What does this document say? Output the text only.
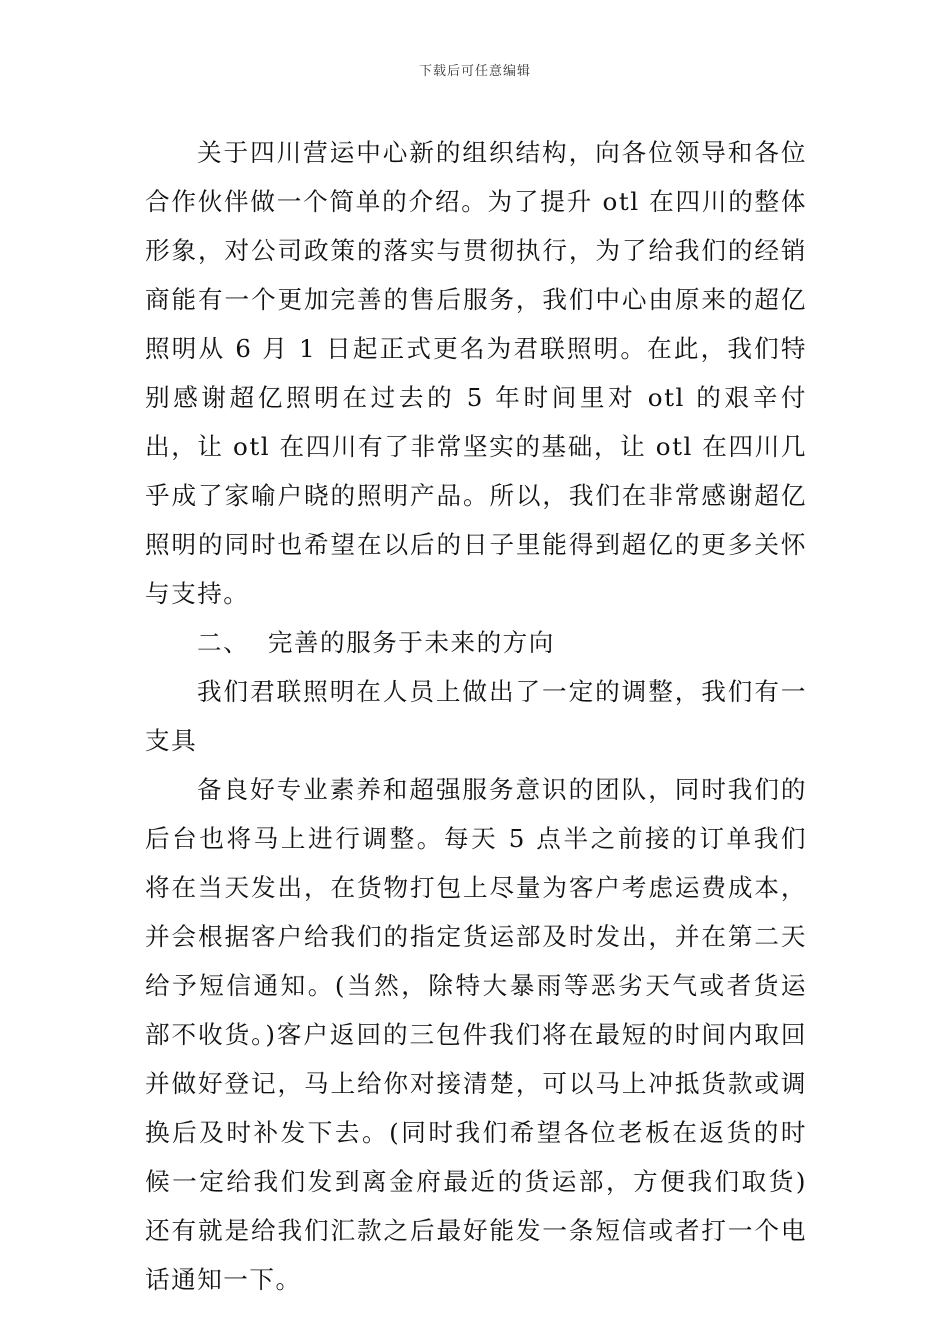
下载后可任意编辑

关于四川营运中心新的组织结构，向各位领导和各位合作伙伴做一个简单的介绍。为了提升 otl 在四川的整体形象，对公司政策的落实与贯彻执行，为了给我们的经销商能有一个更加完善的售后服务，我们中心由原来的超亿照明从 6 月 1 日起正式更名为君联照明。在此，我们特别感谢超亿照明在过去的 5 年时间里对 otl 的艰辛付出，让 otl 在四川有了非常坚实的基础，让 otl 在四川几乎成了家喻户晓的照明产品。所以，我们在非常感谢超亿照明的同时也希望在以后的日子里能得到超亿的更多关怀与支持。

二、  完善的服务于未来的方向

我们君联照明在人员上做出了一定的调整，我们有一支具

备良好专业素养和超强服务意识的团队，同时我们的后台也将马上进行调整。每天 5 点半之前接的订单我们将在当天发出，在货物打包上尽量为客户考虑运费成本，并会根据客户给我们的指定货运部及时发出，并在第二天给予短信通知。(当然，除特大暴雨等恶劣天气或者货运部不收货。)客户返回的三包件我们将在最短的时间内取回并做好登记，马上给你对接清楚，可以马上冲抵货款或调换后及时补发下去。(同时我们希望各位老板在返货的时候一定给我们发到离金府最近的货运部，方便我们取货)还有就是给我们汇款之后最好能发一条短信或者打一个电话通知一下。
